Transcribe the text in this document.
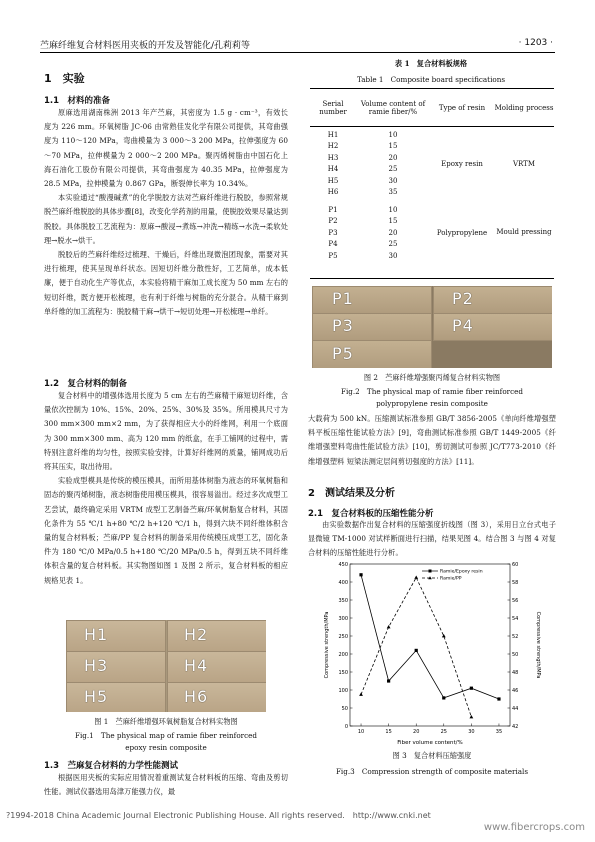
苎麻纤维复合材料医用夹板的开发及智能化/孔莉莉等	· 1203 ·
1　实验
1.1　材料的准备

原麻选用湖南株洲 2013 年产苎麻，其密度为 1.5 g · cm⁻³，有效长度为 226 mm。环氧树脂 JC-06 由常熟佳发化学有限公司提供，其弯曲强度为 110～120 MPa，弯曲模量为 3 000～3 200 MPa，拉伸强度为 60～70 MPa，拉伸模量为 2 000～2 200 MPa。聚丙烯树脂由中国石化上海石油化工股份有限公司提供，其弯曲强度为 40.35 MPa，拉伸强度为 28.5 MPa，拉伸模量为 0.867 GPa，断裂伸长率为 10.34%。

本实验通过“酸漫碱煮”的化学脱胶方法对苎麻纤维进行脱胶，参照常规脱苎麻纤维脱胶的具体步骤[8]，改变化学药剂的用量，使脱胶效果尽量达到脱胶。具体脱胶工艺流程为：原麻→酸浸→煮练→冲洗→精练→水洗→柔软处理→脱水→烘干。

脱胶后的苎麻纤维经过梳理、干燥后，纤维出现微泡团现象，需要对其进行梳理，使其呈现单纤状态。因短切纤维分散性好，工艺简单，成本低廉，便于自动化生产等优点，本实验将精干麻加工成长度为 50 mm 左右的短切纤维，既方便开松梳理，也有利于纤维与树脂的充分混合。从精干麻到单纤维的加工流程为：脱胶精干麻→烘干→短切处理→开松梳理→单纤。

1.2　复合材料的制备

复合材料中的增强体选用长度为 5 cm 左右的苎麻精干麻短切纤维，含量依次控制为 10%、15%、20%、25%、30%及 35%。所用模具尺寸为 300 mm×300 mm×2 mm，为了获得相应大小的纤维网，利用一个底面为 300 mm×300 mm、高为 120 mm 的纸盒，在手工铺网的过程中，需特别注意纤维的均匀性，按照实验安排，计算好纤维网的质量，铺网成功后将其压实，取出待用。

实验成型模具是传统的模压模具，而所用基体树脂为液态的环氧树脂和固态的聚丙烯树脂，液态树脂使用模压模具，很容易溢出。经过多次成型工艺尝试，最终确定采用 VRTM 成型工艺制备苎麻/环氧树脂复合材料，其固化条件为 55 ℃/1 h+80 ℃/2 h+120 ℃/1 h，得到六块不同纤维体积含量的复合材料板；苎麻/PP 复合材料的制备采用传统模压成型工艺，固化条件为 180 ℃/0 MPa/0.5 h+180 ℃/20 MPa/0.5 h，得到五块不同纤维体积含量的复合材料板。其实物图如图 1 及图 2 所示，复合材料板的相应规格见表 1。

H1	H2
H3	H4
H5	H6
图 1　苎麻纤维增强环氧树脂复合材料实物图
Fig.1　The physical map of ramie fiber reinforced
epoxy resin composite
1.3　苎麻复合材料的力学性能测试

根据医用夹板的实际应用情况着重测试复合材料板的压缩、弯曲及剪切性能。测试仪器选用岛津万能强力仪，最

表 1　复合材料板规格
Table 1　Composite board specifications
Serial number	Volume content of ramie fiber/%	Type of resin	Molding process
H1	10	Epoxy resin	VRTM
H2	15		
H3	20		
H4	25		
H5	30		
H6	35		

P1	10	Polypropylene	Mould pressing
P2	15		
P3	20		
P4	25		
P5	30		
P1	P2
P3	P4
P5
图 2　苎麻纤维增强聚丙烯复合材料实物图
Fig.2　The physical map of ramie fiber reinforced
polypropylene resin composite

大载荷为 500 kN。压缩测试标准参照 GB/T 3856-2005《单向纤维增强塑料平板压缩性能试验方法》[9]，弯曲测试标准参照 GB/T 1449-2005《纤维增强塑料弯曲性能试验方法》[10]，剪切测试可参照 JC/T773-2010《纤维增强塑料 短梁法测定层间剪切强度的方法》[11]。

2　测试结果及分析
2.1　复合材料板的压缩性能分析

由实验数据作出复合材料的压缩强度折线图（图 3），采用日立台式电子显微镜 TM-1000 对试样断面进行扫描，结果见图 4。结合图 3 与图 4 对复合材料的压缩性能进行分析。

0
50
100
150
200
250
300
350
400
450
42
44
46
48
50
52
54
56
58
60
10	15	20	25	30	35
Ramie/Epoxy resin
Ramie/PP
Compressive strength/MPa	Compressive strength/MPa
Fiber volume content/%
图 3　复合材料压缩强度
Fig.3　Compression strength of composite materials
?1994-2018 China Academic Journal Electronic Publishing House. All rights reserved.　http://www.cnki.net
www.fibercrops.com
